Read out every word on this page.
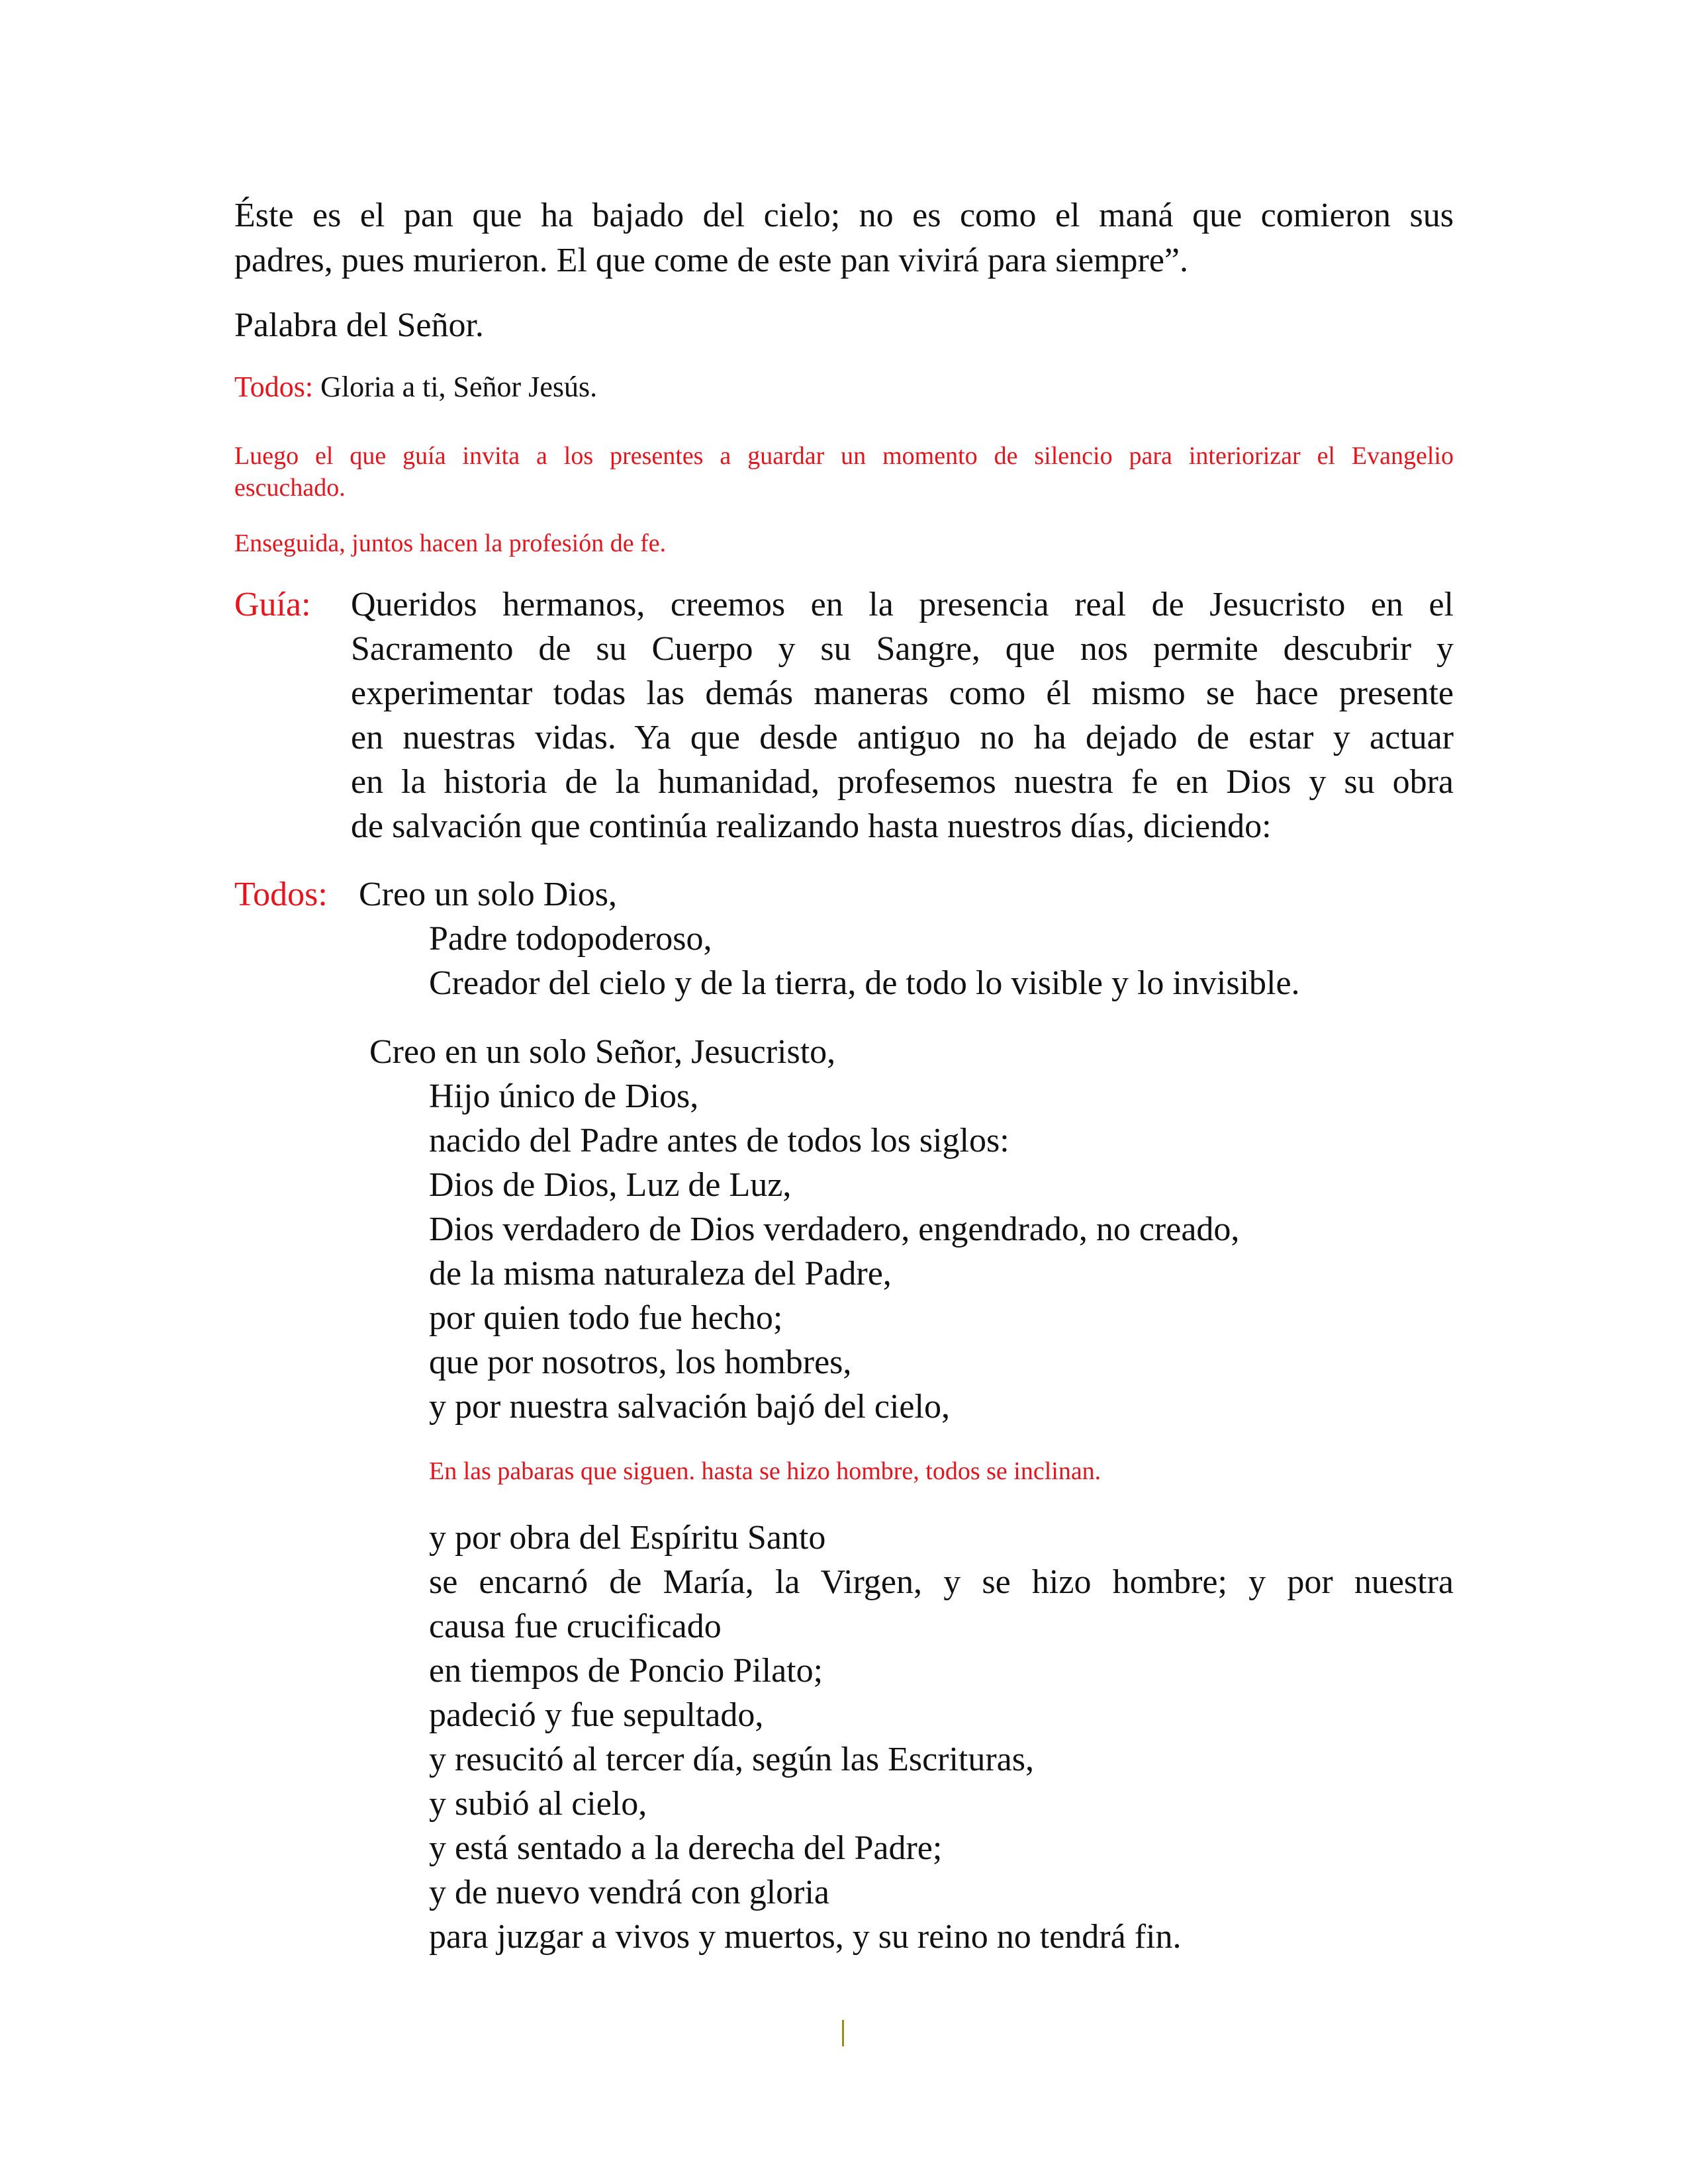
Éste es el pan que ha bajado del cielo; no es como el maná que comieron sus

padres, pues murieron. El que come de este pan vivirá para siempre”.

Palabra del Señor.

Todos: Gloria a ti, Señor Jesús.

Luego el que guía invita a los presentes a guardar un momento de silencio para interiorizar el Evangelio

escuchado.

Enseguida, juntos hacen la profesión de fe.

Guía: Queridos hermanos, creemos en la presencia real de Jesucristo en el
Sacramento de su Cuerpo y su Sangre, que nos permite descubrir y
experimentar todas las demás maneras como él mismo se hace presente
en nuestras vidas. Ya que desde antiguo no ha dejado de estar y actuar
en la historia de la humanidad, profesemos nuestra fe en Dios y su obra
de salvación que continúa realizando hasta nuestros días, diciendo:

Todos: Creo un solo Dios,

Padre todopoderoso,

Creador del cielo y de la tierra, de todo lo visible y lo invisible.

Creo en un solo Señor, Jesucristo,

Hijo único de Dios,
nacido del Padre antes de todos los siglos:
Dios de Dios, Luz de Luz,
Dios verdadero de Dios verdadero, engendrado, no creado,
de la misma naturaleza del Padre,
por quien todo fue hecho;
que por nosotros, los hombres,
y por nuestra salvación bajó del cielo,

En las pabaras que siguen. hasta se hizo hombre, todos se inclinan.

y por obra del Espíritu Santo
se encarnó de María, la Virgen, y se hizo hombre; y por nuestra
causa fue crucificado
en tiempos de Poncio Pilato;
padeció y fue sepultado,
y resucitó al tercer día, según las Escrituras,
y subió al cielo,
y está sentado a la derecha del Padre;
y de nuevo vendrá con gloria
para juzgar a vivos y muertos, y su reino no tendrá fin.
